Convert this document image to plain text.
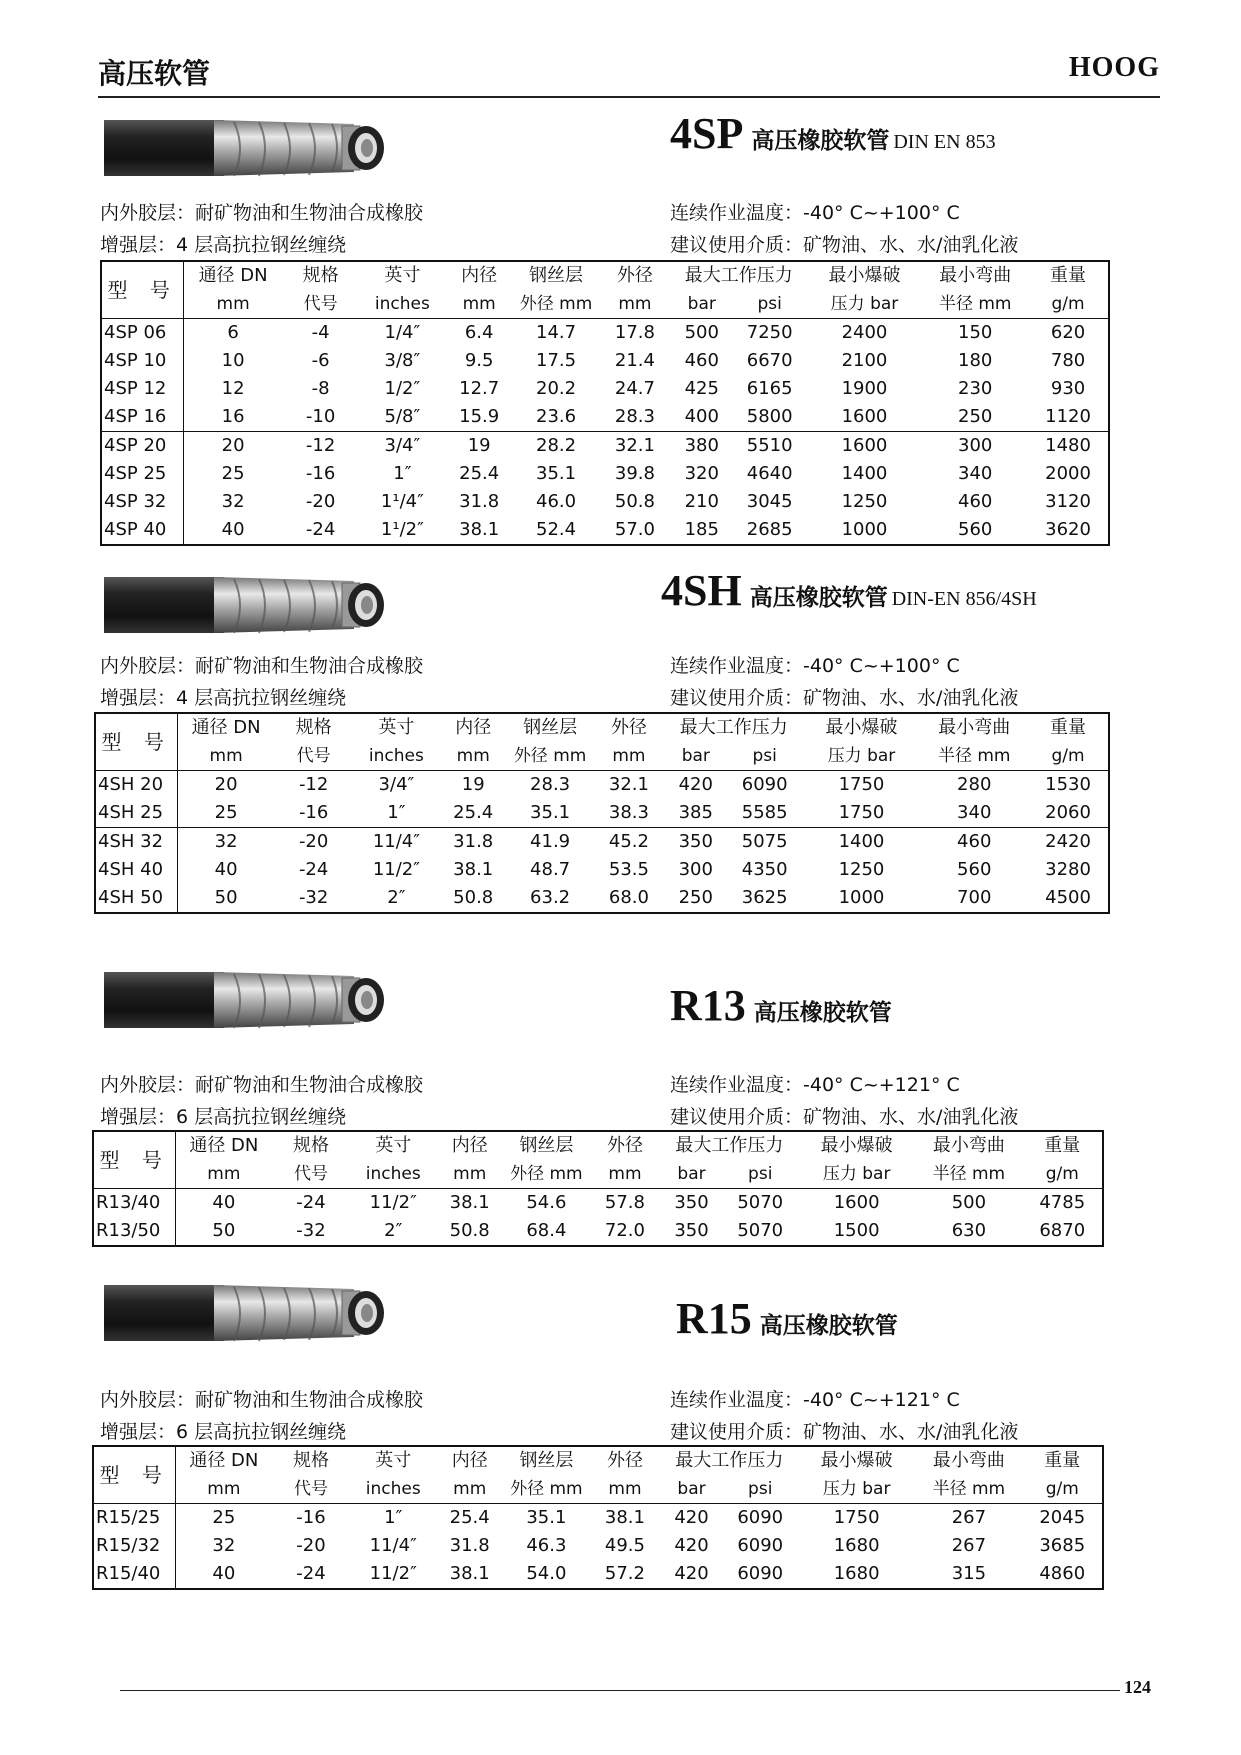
高压软管	HOOG
4SP 高压橡胶软管 DIN EN 853
内外胶层：耐矿物油和生物油合成橡胶
增强层：4 层高抗拉钢丝缠绕
连续作业温度：-40° C~+100° C
建议使用介质：矿物油、水、水/油乳化液
型 号	通径 DN	规格	英寸	内径	钢丝层	外径	最大工作压力		最小爆破	最小弯曲	重量
	mm	代号	inches	mm	外径 mm	mm	bar	psi	压力 bar	半径 mm	g/m
4SP 06	6	-4	1/4″	6.4	14.7	17.8	500	7250	2400	150	620
4SP 10	10	-6	3/8″	9.5	17.5	21.4	460	6670	2100	180	780
4SP 12	12	-8	1/2″	12.7	20.2	24.7	425	6165	1900	230	930
4SP 16	16	-10	5/8″	15.9	23.6	28.3	400	5800	1600	250	1120
4SP 20	20	-12	3/4″	19	28.2	32.1	380	5510	1600	300	1480
4SP 25	25	-16	1″	25.4	35.1	39.8	320	4640	1400	340	2000
4SP 32	32	-20	1¹/4″	31.8	46.0	50.8	210	3045	1250	460	3120
4SP 40	40	-24	1¹/2″	38.1	52.4	57.0	185	2685	1000	560	3620
4SH 高压橡胶软管 DIN-EN 856/4SH
内外胶层：耐矿物油和生物油合成橡胶
增强层：4 层高抗拉钢丝缠绕
连续作业温度：-40° C~+100° C
建议使用介质：矿物油、水、水/油乳化液
型 号	通径 DN	规格	英寸	内径	钢丝层	外径	最大工作压力		最小爆破	最小弯曲	重量
	mm	代号	inches	mm	外径 mm	mm	bar	psi	压力 bar	半径 mm	g/m
4SH 20	20	-12	3/4″	19	28.3	32.1	420	6090	1750	280	1530
4SH 25	25	-16	1″	25.4	35.1	38.3	385	5585	1750	340	2060
4SH 32	32	-20	11/4″	31.8	41.9	45.2	350	5075	1400	460	2420
4SH 40	40	-24	11/2″	38.1	48.7	53.5	300	4350	1250	560	3280
4SH 50	50	-32	2″	50.8	63.2	68.0	250	3625	1000	700	4500
R13 高压橡胶软管
内外胶层：耐矿物油和生物油合成橡胶
增强层：6 层高抗拉钢丝缠绕
连续作业温度：-40° C~+121° C
建议使用介质：矿物油、水、水/油乳化液
型 号	通径 DN	规格	英寸	内径	钢丝层	外径	最大工作压力		最小爆破	最小弯曲	重量
	mm	代号	inches	mm	外径 mm	mm	bar	psi	压力 bar	半径 mm	g/m
R13/40	40	-24	11/2″	38.1	54.6	57.8	350	5070	1600	500	4785
R13/50	50	-32	2″	50.8	68.4	72.0	350	5070	1500	630	6870
R15 高压橡胶软管
内外胶层：耐矿物油和生物油合成橡胶
增强层：6 层高抗拉钢丝缠绕
连续作业温度：-40° C~+121° C
建议使用介质：矿物油、水、水/油乳化液
型 号	通径 DN	规格	英寸	内径	钢丝层	外径	最大工作压力		最小爆破	最小弯曲	重量
	mm	代号	inches	mm	外径 mm	mm	bar	psi	压力 bar	半径 mm	g/m
R15/25	25	-16	1″	25.4	35.1	38.1	420	6090	1750	267	2045
R15/32	32	-20	11/4″	31.8	46.3	49.5	420	6090	1680	267	3685
R15/40	40	-24	11/2″	38.1	54.0	57.2	420	6090	1680	315	4860
124
